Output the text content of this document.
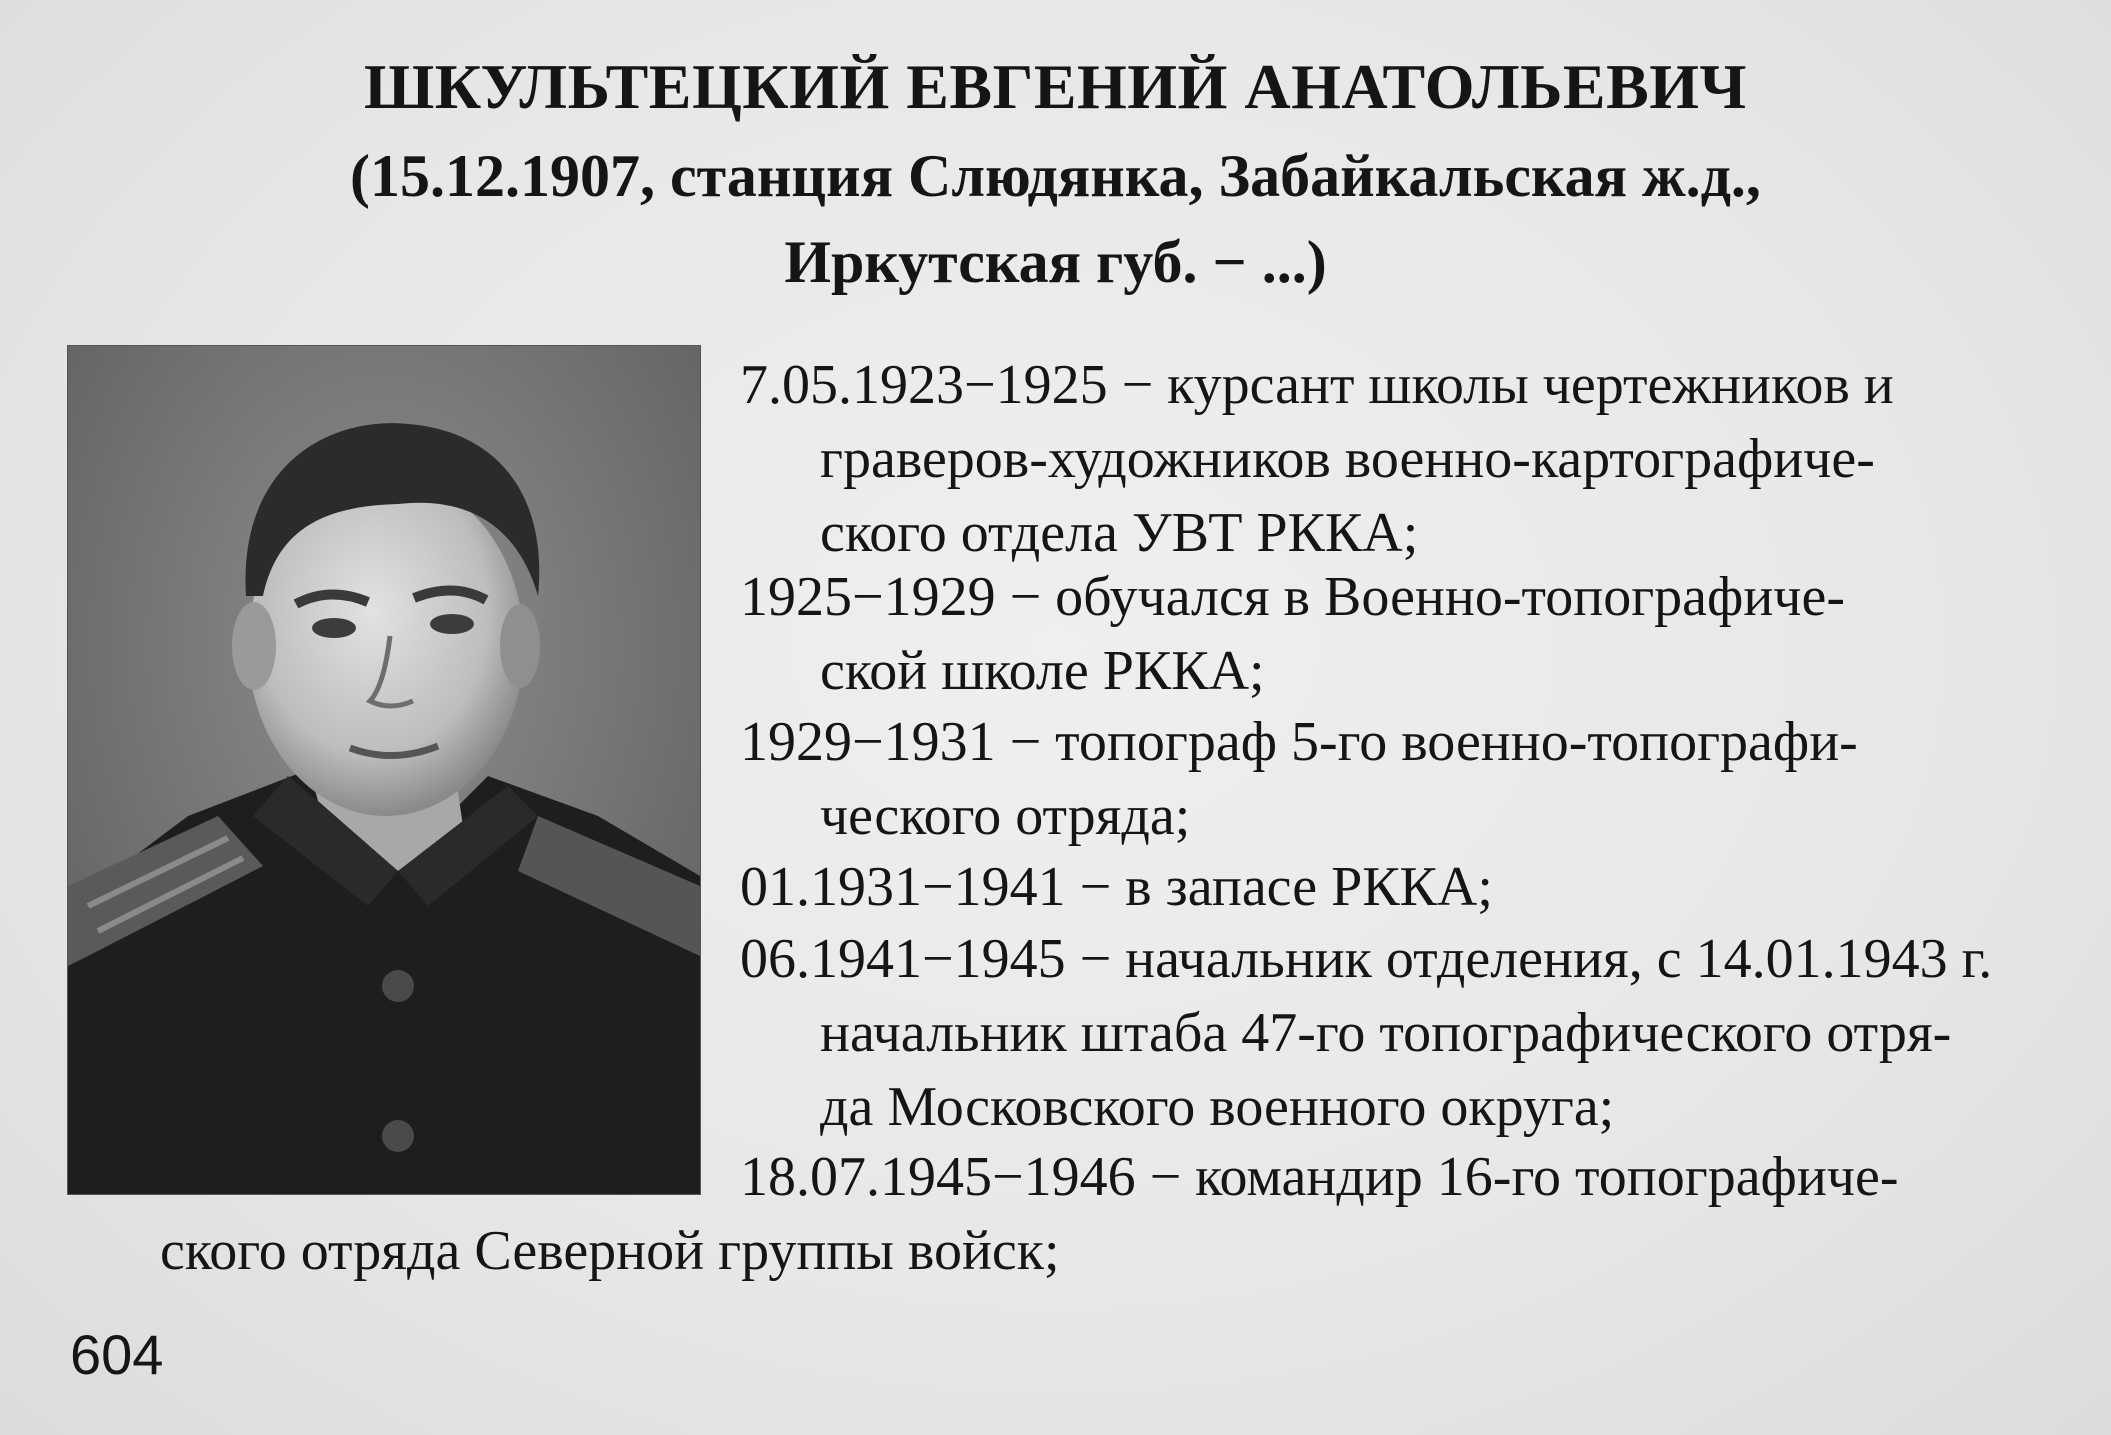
ШКУЛЬТЕЦКИЙ ЕВГЕНИЙ АНАТОЛЬЕВИЧ
(15.12.1907, станция Слюдянка, Забайкальская ж.д.,
Иркутская губ. − ...)
7.05.1923−1925 − курсант школы чертежников и
граверов-художников военно-картографиче-
ского отдела УВТ РККА;
1925−1929 − обучался в Военно-топографиче-
ской школе РККА;
1929−1931 − топограф 5-го военно-топографи-
ческого отряда;
01.1931−1941 − в запасе РККА;
06.1941−1945 − начальник отделения, с 14.01.1943 г.
начальник штаба 47-го топографического отря-
да Московского военного округа;
18.07.1945−1946 − командир 16-го топографиче-
ского отряда Северной группы войск;
604
